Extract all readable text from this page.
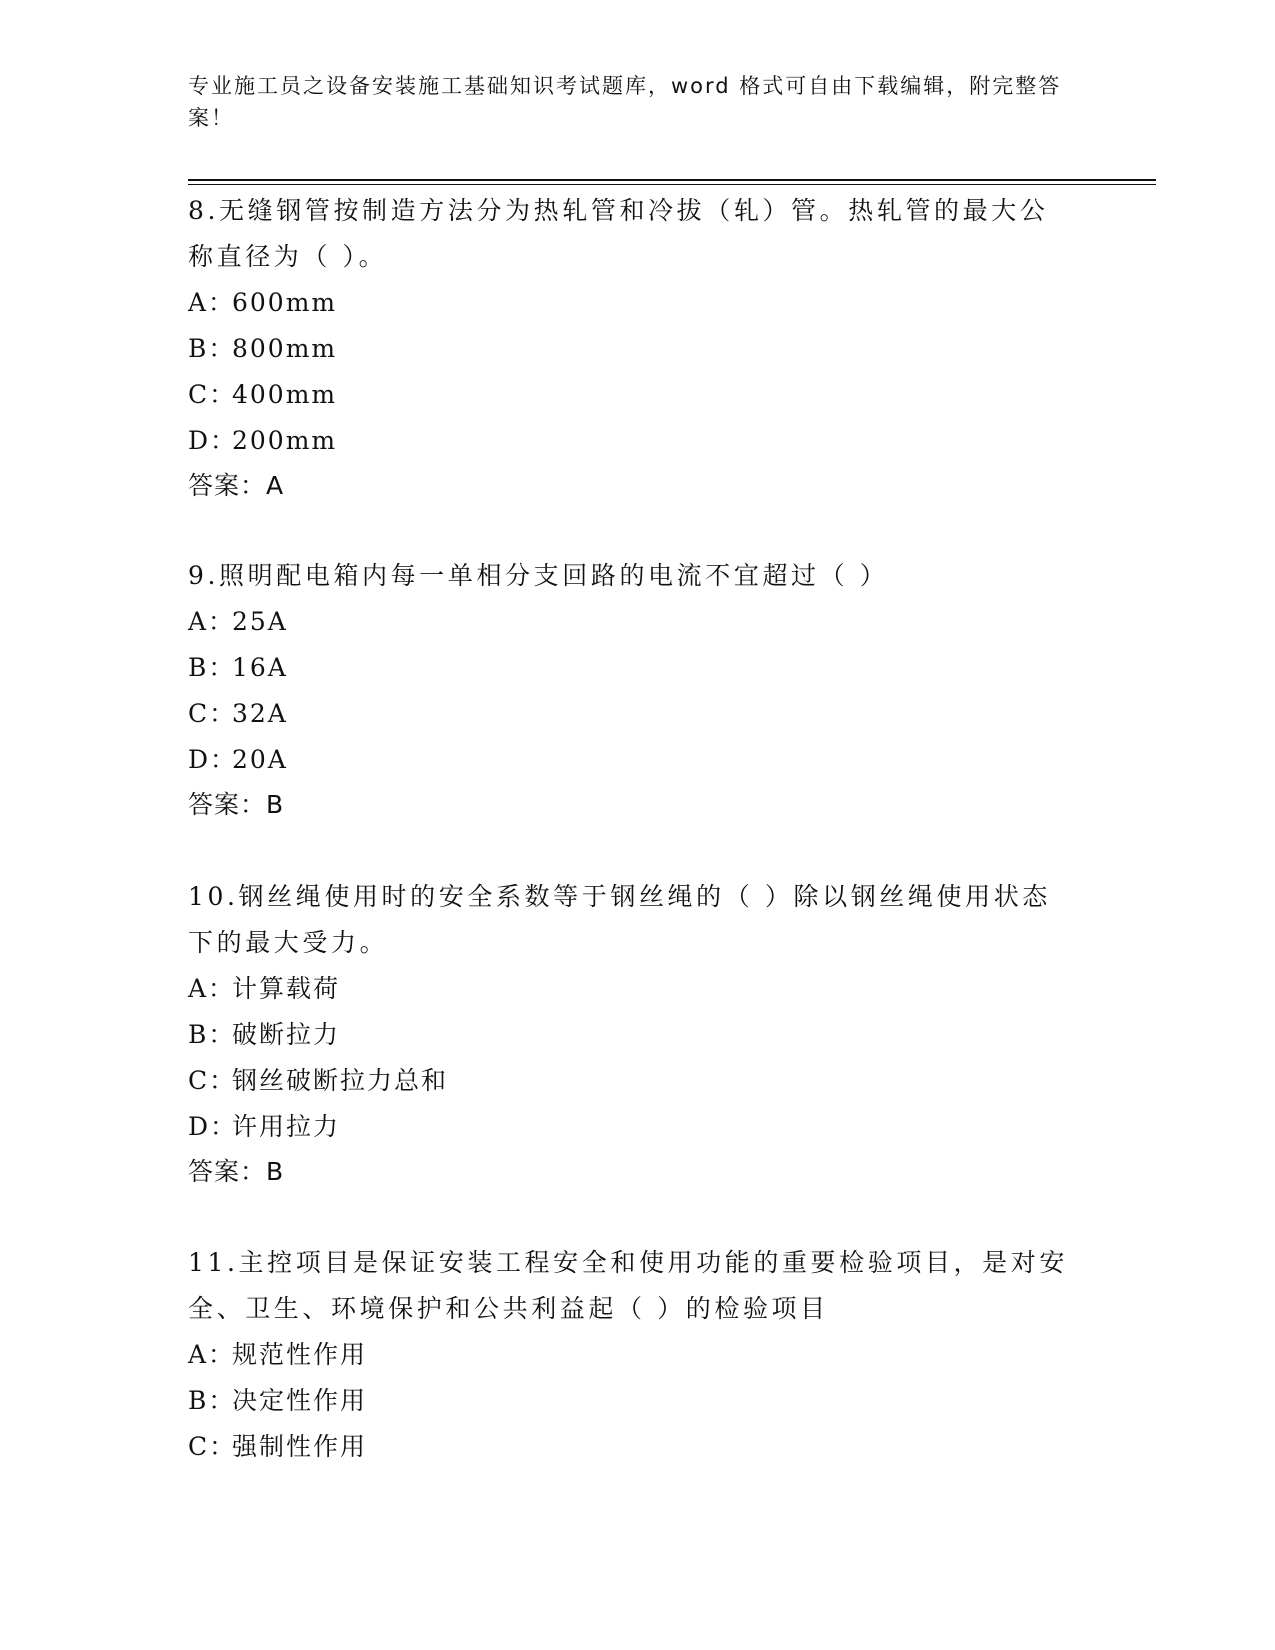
专业施工员之设备安装施工基础知识考试题库，word 格式可自由下载编辑，附完整答案！
8.无缝钢管按制造方法分为热轧管和冷拔（轧）管。热轧管的最大公称直径为（ ）。
A：600mm
B：800mm
C：400mm
D：200mm
答案：A
9.照明配电箱内每一单相分支回路的电流不宜超过（ ）
A：25A
B：16A
C：32A
D：20A
答案：B
10.钢丝绳使用时的安全系数等于钢丝绳的（ ）除以钢丝绳使用状态下的最大受力。
A：计算载荷
B：破断拉力
C：钢丝破断拉力总和
D：许用拉力
答案：B
11.主控项目是保证安装工程安全和使用功能的重要检验项目，是对安全、卫生、环境保护和公共利益起（ ）的检验项目
A：规范性作用
B：决定性作用
C：强制性作用
